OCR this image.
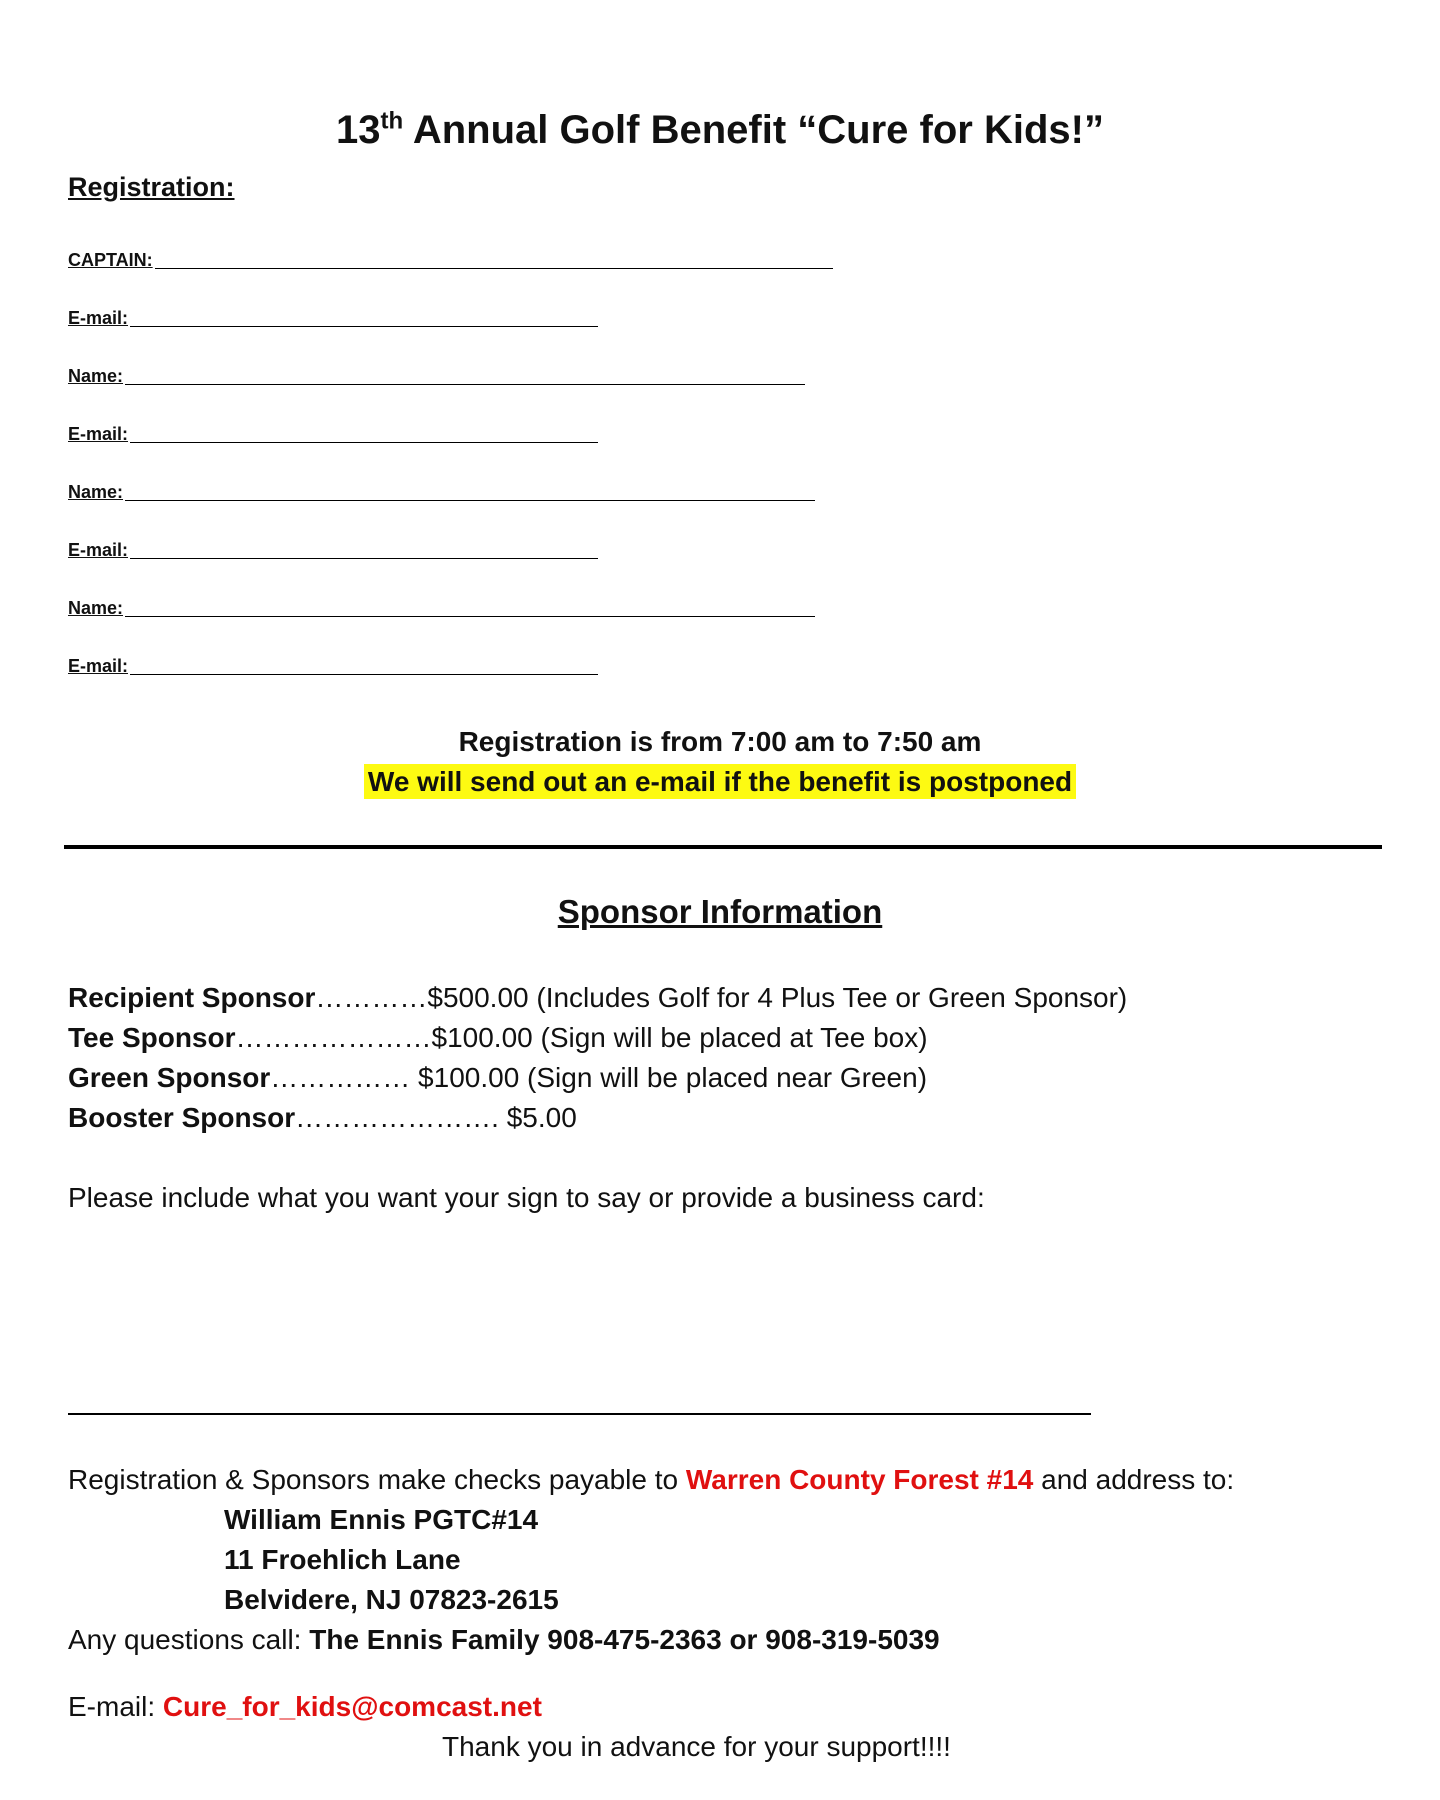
13th Annual Golf Benefit “Cure for Kids!”
Registration:
CAPTAIN:
E-mail:
Name:
E-mail:
Name:
E-mail:
Name:
E-mail:
Registration is from 7:00 am to 7:50 am
We will send out an e-mail if the benefit is postponed
Sponsor Information
Recipient Sponsor…………$500.00 (Includes Golf for 4 Plus Tee or Green Sponsor)
Tee Sponsor…………………$100.00 (Sign will be placed at Tee box)
Green Sponsor…………… $100.00 (Sign will be placed near Green)
Booster Sponsor…………………. $5.00
Please include what you want your sign to say or provide a business card:
Registration & Sponsors make checks payable to Warren County Forest #14 and address to:
William Ennis PGTC#14
11 Froehlich Lane
Belvidere, NJ 07823-2615
Any questions call: The Ennis Family 908-475-2363 or 908-319-5039
E-mail: Cure_for_kids@comcast.net
Thank you in advance for your support!!!!
